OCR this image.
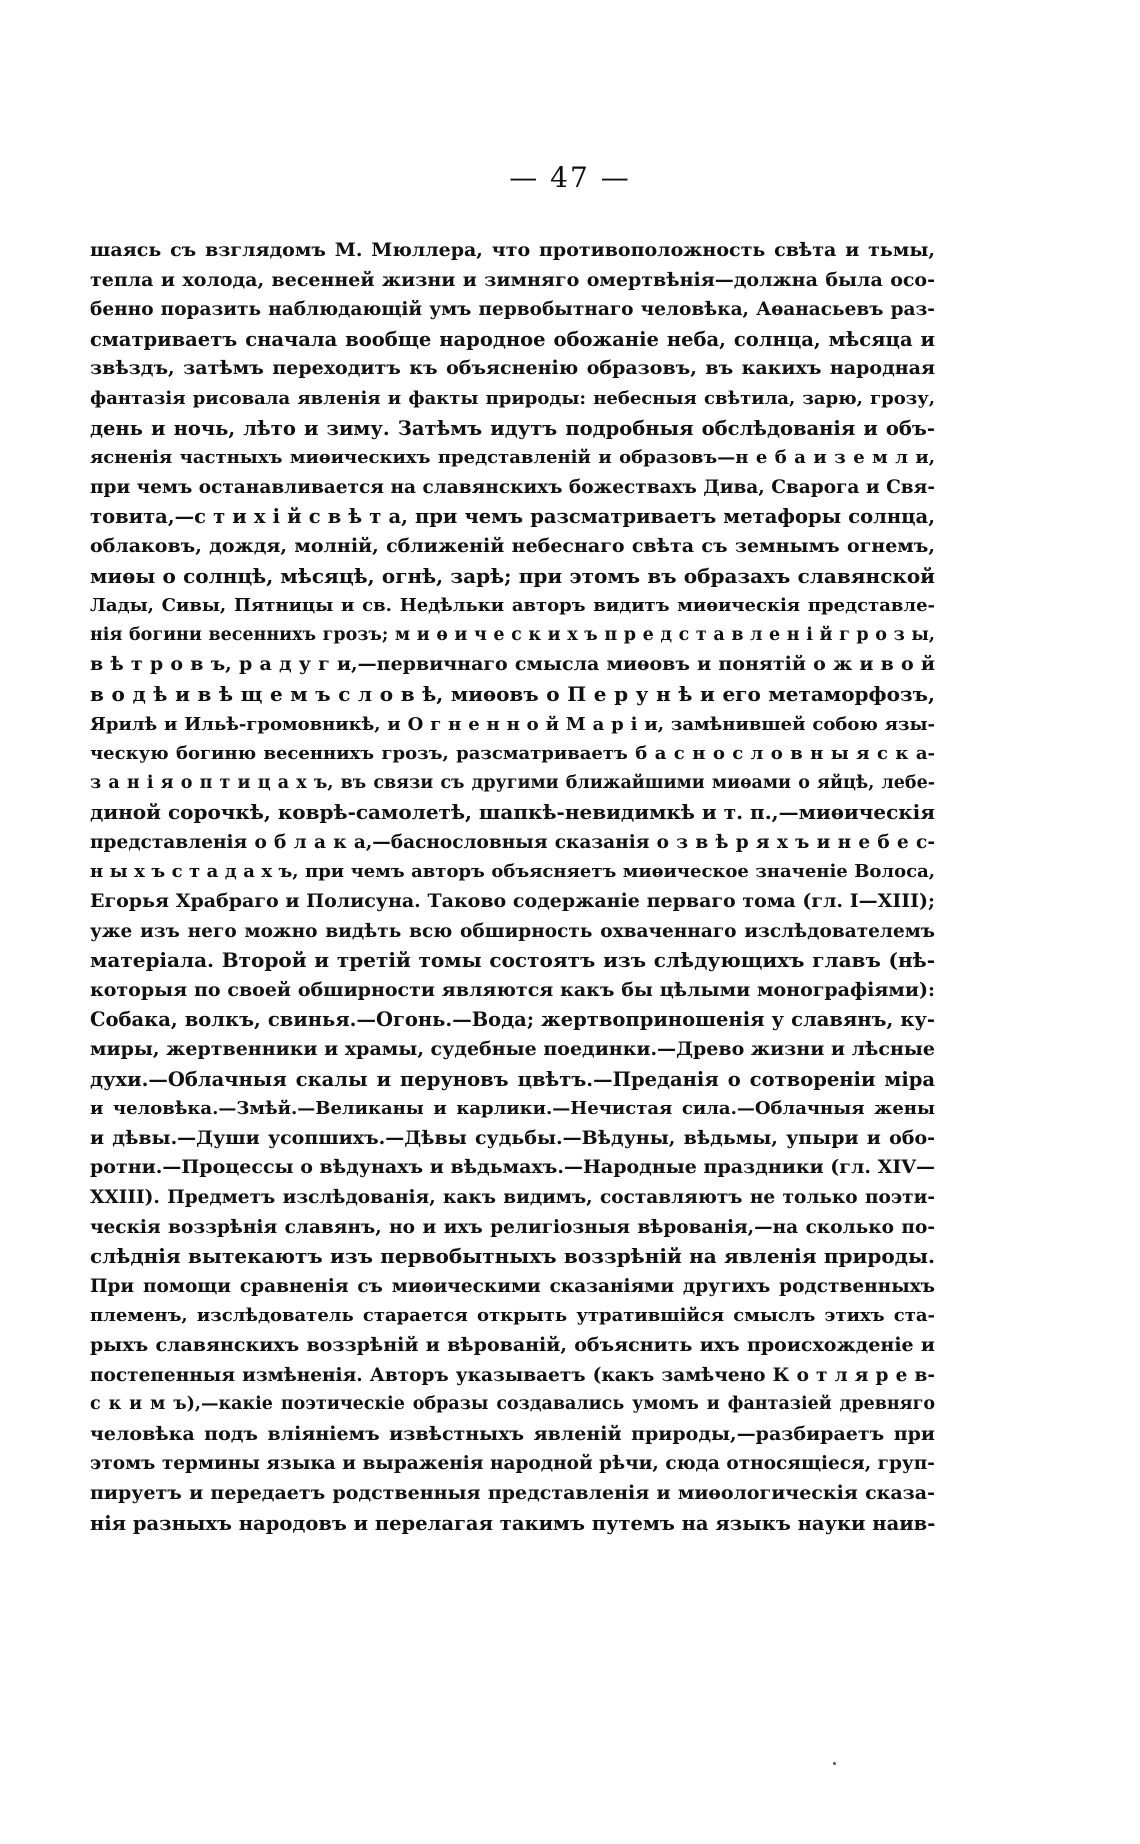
— 47 —
шаясь съ взглядомъ М. Мюллера, что противоположность свѣта и тьмы,
тепла и холода, весенней жизни и зимняго омертвѣнія—должна была осо-
бенно поразить наблюдающій умъ первобытнаго человѣка, Аѳанасьевъ раз-
сматриваетъ сначала вообще народное обожаніе неба, солнца, мѣсяца и
звѣздъ, затѣмъ переходитъ къ объясненію образовъ, въ какихъ народная
фантазія рисовала явленія и факты природы: небесныя свѣтила, зарю, грозу,
день и ночь, лѣто и зиму. Затѣмъ идутъ подробныя обслѣдованія и объ-
ясненія частныхъ миѳическихъ представленій и образовъ—н е б а и з е м л и,
при чемъ останавливается на славянскихъ божествахъ Дива, Сварога и Свя-
товита,—с т и х і й с в ѣ т а, при чемъ разсматриваетъ метафоры солнца,
облаковъ, дождя, молній, сближеній небеснаго свѣта съ земнымъ огнемъ,
миѳы о солнцѣ, мѣсяцѣ, огнѣ, зарѣ; при этомъ въ образахъ славянской
Лады, Сивы, Пятницы и св. Недѣльки авторъ видитъ миѳическія представле-
нія богини весеннихъ грозъ; м и ѳ и ч е с к и х ъ п р е д с т а в л е н і й г р о з ы,
в ѣ т р о в ъ, р а д у г и,—первичнаго смысла миѳовъ и понятій о ж и в о й
в о д ѣ и в ѣ щ е м ъ с л о в ѣ, миѳовъ о П е р у н ѣ и его метаморфозъ,
Ярилѣ и Ильѣ-громовникѣ, и О г н е н н о й М а р і и, замѣнившей собою язы-
ческую богиню весеннихъ грозъ, разсматриваетъ б а с н о с л о в н ы я с к а-
з а н і я о п т и ц а х ъ, въ связи съ другими ближайшими миѳами о яйцѣ, лебе-
диной сорочкѣ, коврѣ-самолетѣ, шапкѣ-невидимкѣ и т. п.,—миѳическія
представленія о б л а к а,—баснословныя сказанія о з в ѣ р я х ъ и н е б е с-
н ы х ъ с т а д а х ъ, при чемъ авторъ объясняетъ миѳическое значеніе Волоса,
Егорья Храбраго и Полисуна. Таково содержаніе перваго тома (гл. I—XIII);
уже изъ него можно видѣть всю обширность охваченнаго изслѣдователемъ
матеріала. Второй и третій томы состоятъ изъ слѣдующихъ главъ (нѣ-
которыя по своей обширности являются какъ бы цѣлыми монографіями):
Собака, волкъ, свинья.—Огонь.—Вода; жертвоприношенія у славянъ, ку-
миры, жертвенники и храмы, судебные поединки.—Древо жизни и лѣсные
духи.—Облачныя скалы и перуновъ цвѣтъ.—Преданія о сотвореніи міра
и человѣка.—Змѣй.—Великаны и карлики.—Нечистая сила.—Облачныя жены
и дѣвы.—Души усопшихъ.—Дѣвы судьбы.—Вѣдуны, вѣдьмы, упыри и обо-
ротни.—Процессы о вѣдунахъ и вѣдьмахъ.—Народные праздники (гл. XIV—
XXIII). Предметъ изслѣдованія, какъ видимъ, составляютъ не только поэти-
ческія воззрѣнія славянъ, но и ихъ религіозныя вѣрованія,—на сколько по-
слѣднія вытекаютъ изъ первобытныхъ воззрѣній на явленія природы.
При помощи сравненія съ миѳическими сказаніями другихъ родственныхъ
племенъ, изслѣдователь старается открыть утратившійся смыслъ этихъ ста-
рыхъ славянскихъ воззрѣній и вѣрованій, объяснить ихъ происхожденіе и
постепенныя измѣненія. Авторъ указываетъ (какъ замѣчено К о т л я р е в-
с к и м ъ),—какіе поэтическіе образы создавались умомъ и фантазіей древняго
человѣка подъ вліяніемъ извѣстныхъ явленій природы,—разбираетъ при
этомъ термины языка и выраженія народной рѣчи, сюда относящіеся, груп-
пируетъ и передаетъ родственныя представленія и миѳологическія сказа-
нія разныхъ народовъ и перелагая такимъ путемъ на языкъ науки наив-
